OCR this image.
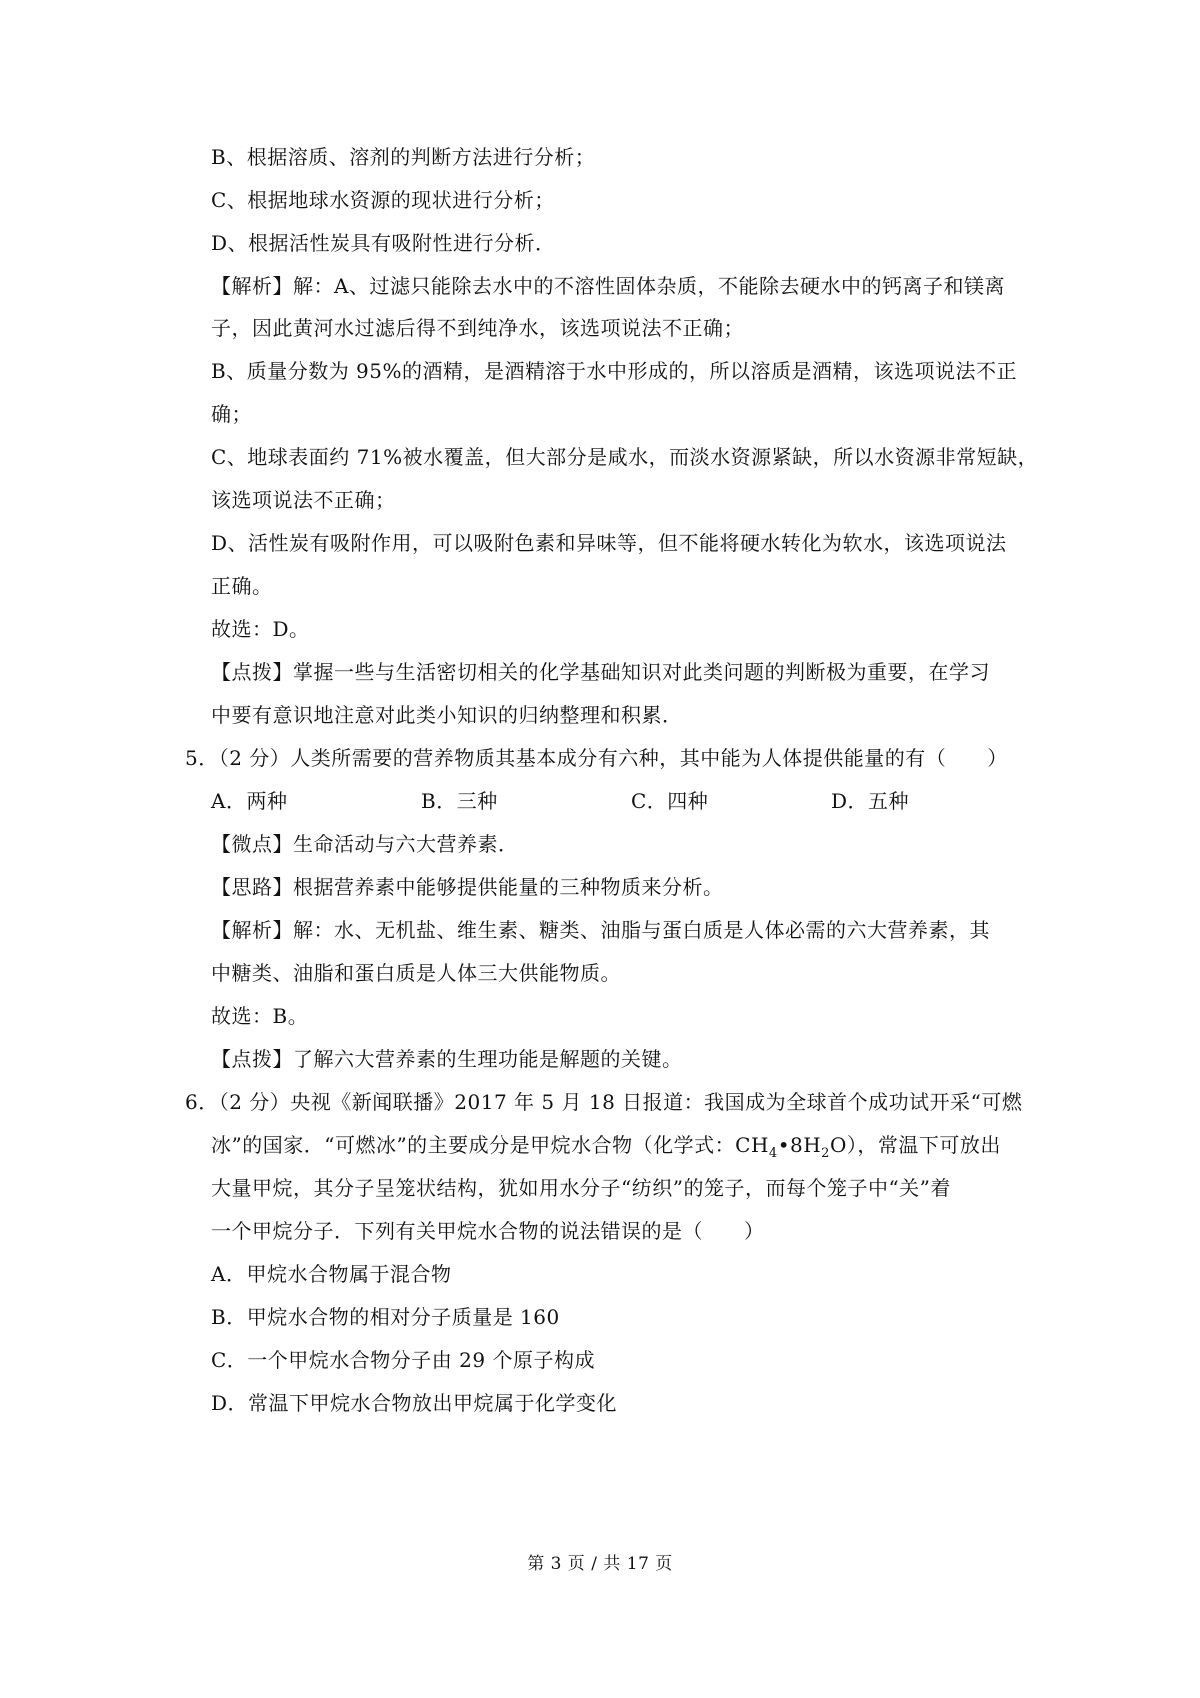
B、根据溶质、溶剂的判断方法进行分析；
C、根据地球水资源的现状进行分析；
D、根据活性炭具有吸附性进行分析．
【解析】解：A、过滤只能除去水中的不溶性固体杂质，不能除去硬水中的钙离子和镁离
子，因此黄河水过滤后得不到纯净水，该选项说法不正确；
B、质量分数为 95%的酒精，是酒精溶于水中形成的，所以溶质是酒精，该选项说法不正
确；
C、地球表面约 71%被水覆盖，但大部分是咸水，而淡水资源紧缺，所以水资源非常短缺，
该选项说法不正确；
D、活性炭有吸附作用，可以吸附色素和异味等，但不能将硬水转化为软水，该选项说法
正确。
故选：D。
【点拨】掌握一些与生活密切相关的化学基础知识对此类问题的判断极为重要，在学习
中要有意识地注意对此类小知识的归纳整理和积累．
5．（2 分）人类所需要的营养物质其基本成分有六种，其中能为人体提供能量的有（　　）
A．两种	B．三种	C．四种	D．五种
【微点】生命活动与六大营养素．
【思路】根据营养素中能够提供能量的三种物质来分析。
【解析】解：水、无机盐、维生素、糖类、油脂与蛋白质是人体必需的六大营养素，其
中糖类、油脂和蛋白质是人体三大供能物质。
故选：B。
【点拨】了解六大营养素的生理功能是解题的关键。
6．（2 分）央视《新闻联播》2017 年 5 月 18 日报道：我国成为全球首个成功试开采“可燃
冰”的国家．“可燃冰”的主要成分是甲烷水合物（化学式：$CH_4•8H_2O$），常温下可放出
大量甲烷，其分子呈笼状结构，犹如用水分子“纺织”的笼子，而每个笼子中“关”着
一个甲烷分子．下列有关甲烷水合物的说法错误的是（　　）
A．甲烷水合物属于混合物
B．甲烷水合物的相对分子质量是 160
C．一个甲烷水合物分子由 29 个原子构成
D．常温下甲烷水合物放出甲烷属于化学变化
第 3 页 / 共 17 页
